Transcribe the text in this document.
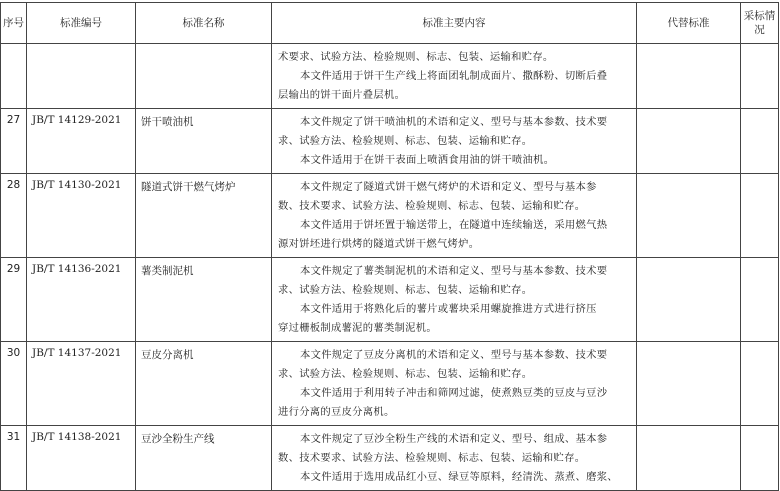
序号	标准编号	标准名称	标准主要内容	代替标准	采标情况

			术要求、试验方法、检验规则、标志、包装、运输和贮存。
本文件适用于饼干生产线上将面团轧制成面片、撒酥粉、切断后叠
层输出的饼干面片叠层机。		

27	JB/T 14129-2021	饼干喷油机	本文件规定了饼干喷油机的术语和定义、型号与基本参数、技术要
求、试验方法、检验规则、标志、包装、运输和贮存。
本文件适用于在饼干表面上喷洒食用油的饼干喷油机。		

28	JB/T 14130-2021	隧道式饼干燃气烤炉	本文件规定了隧道式饼干燃气烤炉的术语和定义、型号与基本参
数、技术要求、试验方法、检验规则、标志、包装、运输和贮存。
本文件适用于饼坯置于输送带上，在隧道中连续输送，采用燃气热
源对饼坯进行烘烤的隧道式饼干燃气烤炉。		

29	JB/T 14136-2021	薯类制泥机	本文件规定了薯类制泥机的术语和定义、型号与基本参数、技术要
求、试验方法、检验规则、标志、包装、运输和贮存。
本文件适用于将熟化后的薯片或薯块采用螺旋推进方式进行挤压
穿过栅板制成薯泥的薯类制泥机。		

30	JB/T 14137-2021	豆皮分离机	本文件规定了豆皮分离机的术语和定义、型号与基本参数、技术要
求、试验方法、检验规则、标志、包装、运输和贮存。
本文件适用于利用转子冲击和筛网过滤，使煮熟豆类的豆皮与豆沙
进行分离的豆皮分离机。		

31	JB/T 14138-2021	豆沙全粉生产线	本文件规定了豆沙全粉生产线的术语和定义、型号、组成、基本参
数、技术要求、试验方法、检验规则、标志、包装、运输和贮存。
本文件适用于选用成品红小豆、绿豆等原料，经清洗、蒸煮、磨浆、		
